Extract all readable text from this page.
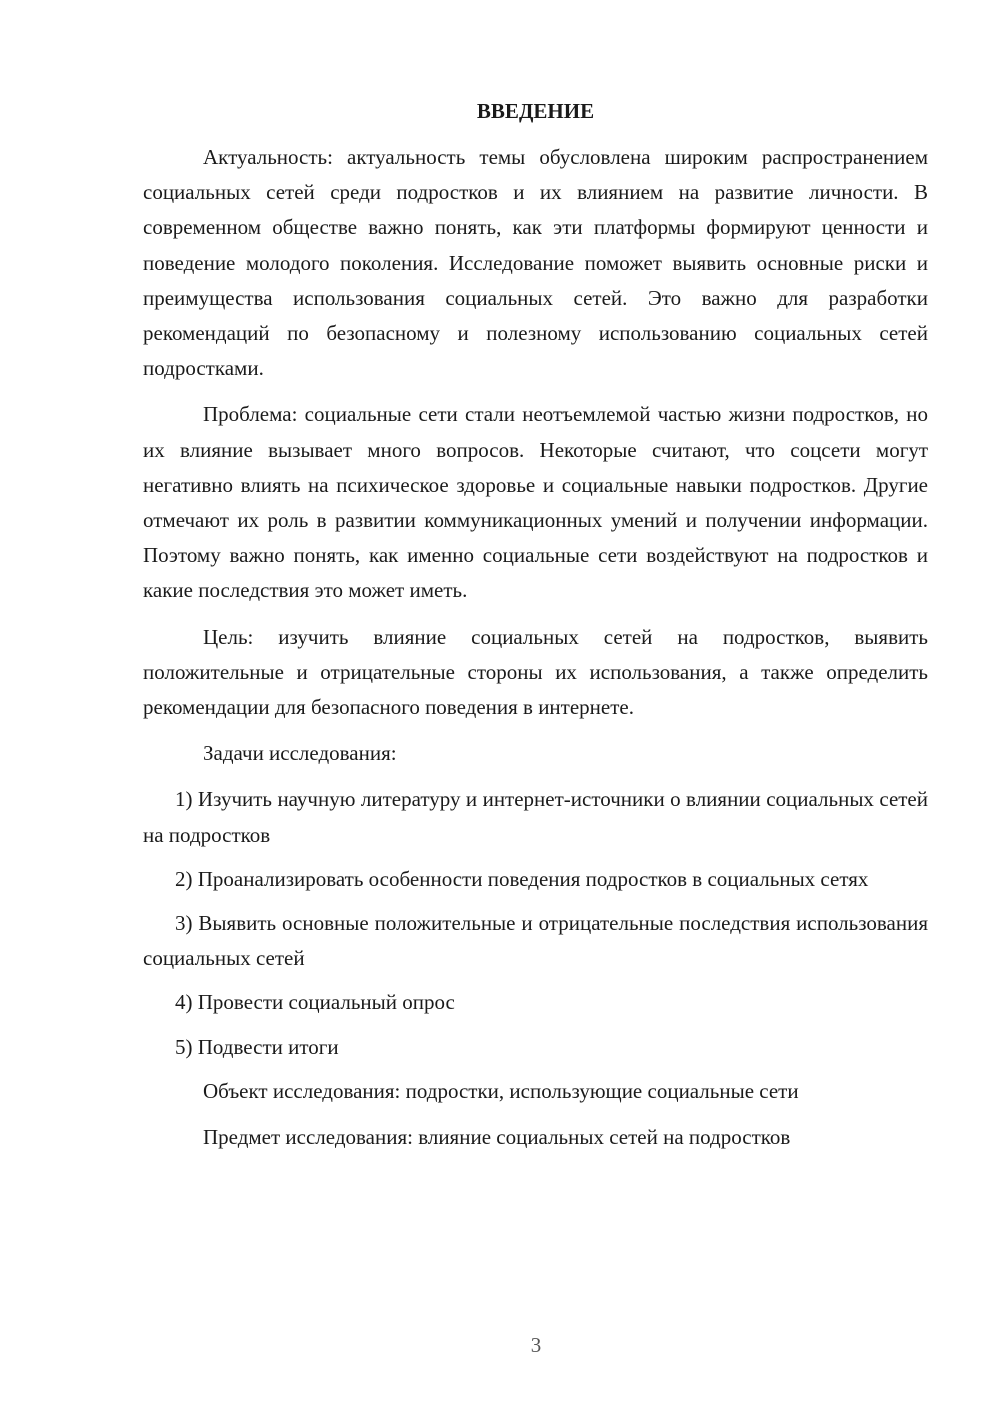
ВВЕДЕНИЕ

Актуальность: актуальность темы обусловлена широким распространением социальных сетей среди подростков и их влиянием на развитие личности. В современном обществе важно понять, как эти платформы формируют ценности и поведение молодого поколения. Исследование поможет выявить основные риски и преимущества использования социальных сетей. Это важно для разработки рекомендаций по безопасному и полезному использованию социальных сетей подростками.

Проблема: социальные сети стали неотъемлемой частью жизни подростков, но их влияние вызывает много вопросов. Некоторые считают, что соцсети могут негативно влиять на психическое здоровье и социальные навыки подростков. Другие отмечают их роль в развитии коммуникационных умений и получении информации. Поэтому важно понять, как именно социальные сети воздействуют на подростков и какие последствия это может иметь.

Цель: изучить влияние социальных сетей на подростков, выявить положительные и отрицательные стороны их использования, а также определить рекомендации для безопасного поведения в интернете.

Задачи исследования:

1) Изучить научную литературу и интернет-источники о влиянии социальных сетей на подростков

2) Проанализировать особенности поведения подростков в социальных сетях

3) Выявить основные положительные и отрицательные последствия использования социальных сетей

4) Провести социальный опрос

5) Подвести итоги

Объект исследования: подростки, использующие социальные сети

Предмет исследования: влияние социальных сетей на подростков

3
